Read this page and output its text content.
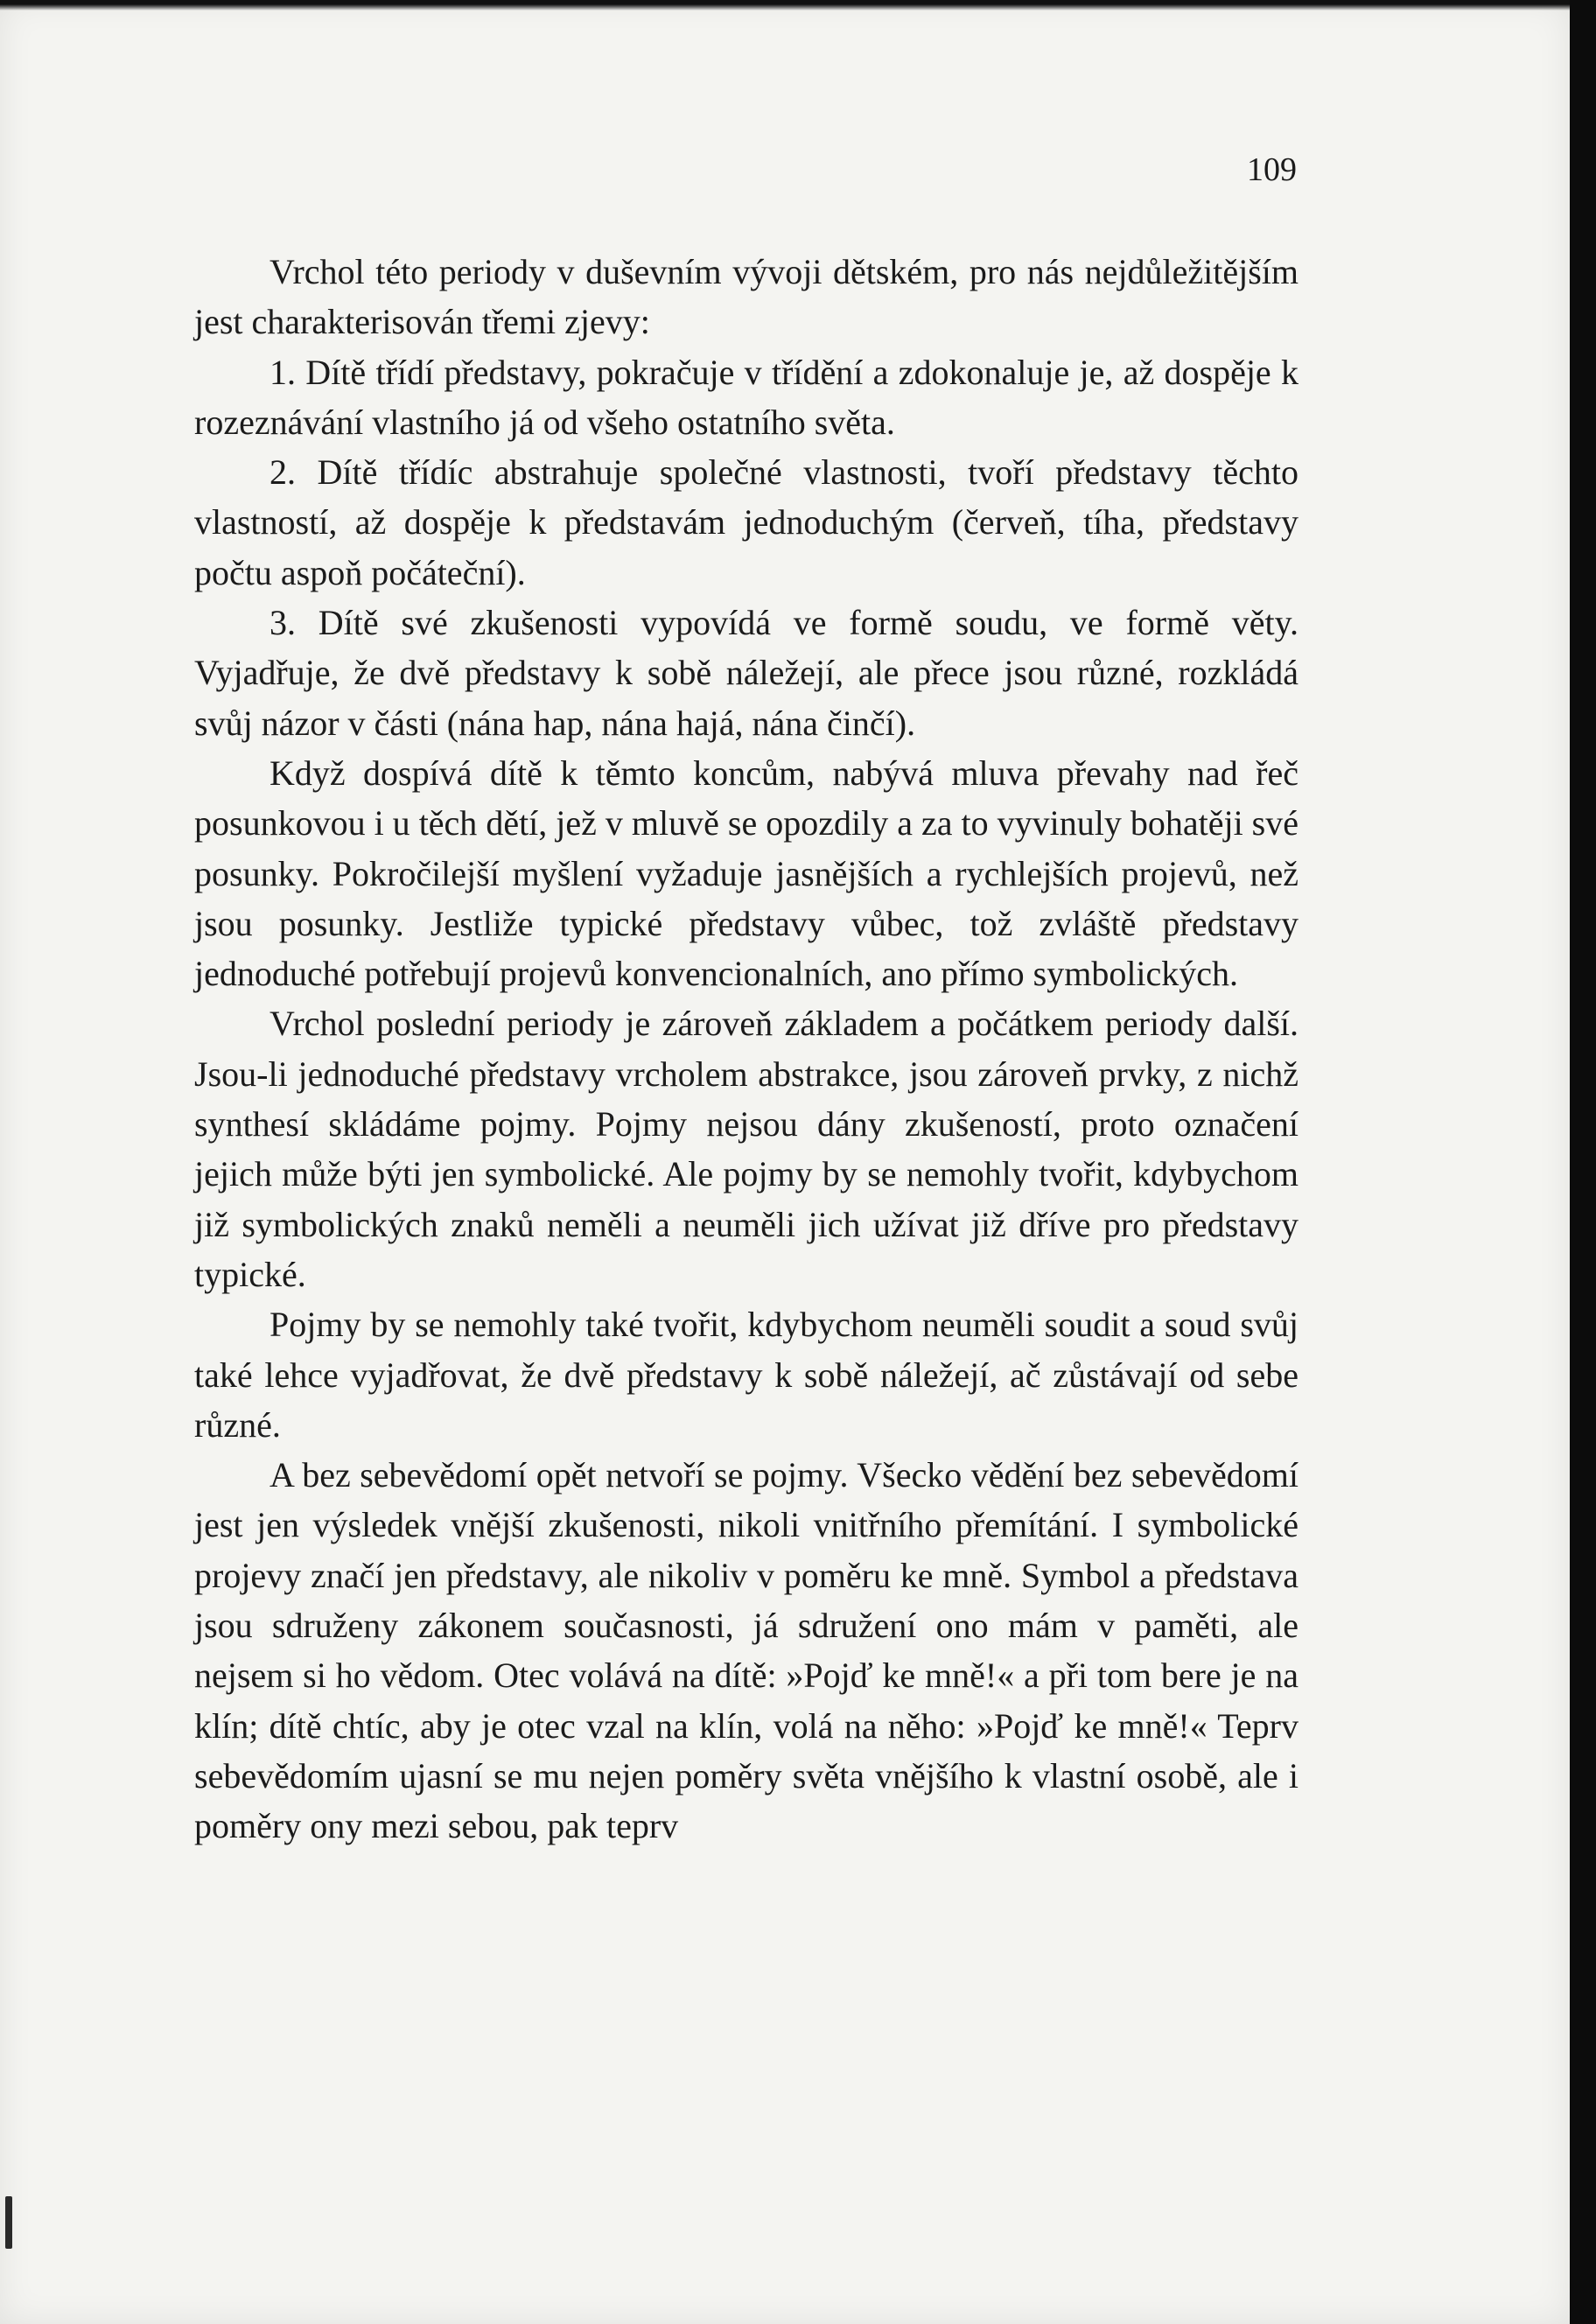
109

Vrchol této periody v duševním vývoji dětském, pro nás nejdůležitějším jest charakterisován třemi zjevy:

1. Dítě třídí představy, pokračuje v třídění a zdokonaluje je, až dospěje k rozeznávání vlastního já od všeho ostatního světa.

2. Dítě třídíc abstrahuje společné vlastnosti, tvoří představy těchto vlastností, až dospěje k představám jednoduchým (červeň, tíha, představy počtu aspoň počáteční).

3. Dítě své zkušenosti vypovídá ve formě soudu, ve formě věty. Vyjadřuje, že dvě představy k sobě náležejí, ale přece jsou různé, rozkládá svůj názor v části (nána hap, nána hajá, nána činčí).

Když dospívá dítě k těmto koncům, nabývá mluva převahy nad řeč posunkovou i u těch dětí, jež v mluvě se opozdily a za to vyvinuly bohatěji své posunky. Pokročilejší myšlení vyžaduje jasnějších a rychlejších projevů, než jsou posunky. Jestliže typické představy vůbec, tož zvláště představy jednoduché potřebují projevů konvencionalních, ano přímo symbolických.

Vrchol poslední periody je zároveň základem a počátkem periody další. Jsou-li jednoduché představy vrcholem abstrakce, jsou zároveň prvky, z nichž synthesí skládáme pojmy. Pojmy nejsou dány zkušeností, proto označení jejich může býti jen symbolické. Ale pojmy by se nemohly tvořit, kdybychom již symbolických znaků neměli a neuměli jich užívat již dříve pro představy typické.

Pojmy by se nemohly také tvořit, kdybychom neuměli soudit a soud svůj také lehce vyjadřovat, že dvě představy k sobě náležejí, ač zůstávají od sebe různé.

A bez sebevědomí opět netvoří se pojmy. Všecko vědění bez sebevědomí jest jen výsledek vnější zkušenosti, nikoli vnitřního přemítání. I symbolické projevy značí jen představy, ale nikoliv v poměru ke mně. Symbol a představa jsou sdruženy zákonem současnosti, já sdružení ono mám v paměti, ale nejsem si ho vědom. Otec volává na dítě: »Pojď ke mně!« a při tom bere je na klín; dítě chtíc, aby je otec vzal na klín, volá na něho: »Pojď ke mně!« Teprv sebevědomím ujasní se mu nejen poměry světa vnějšího k vlastní osobě, ale i poměry ony mezi sebou, pak teprv
